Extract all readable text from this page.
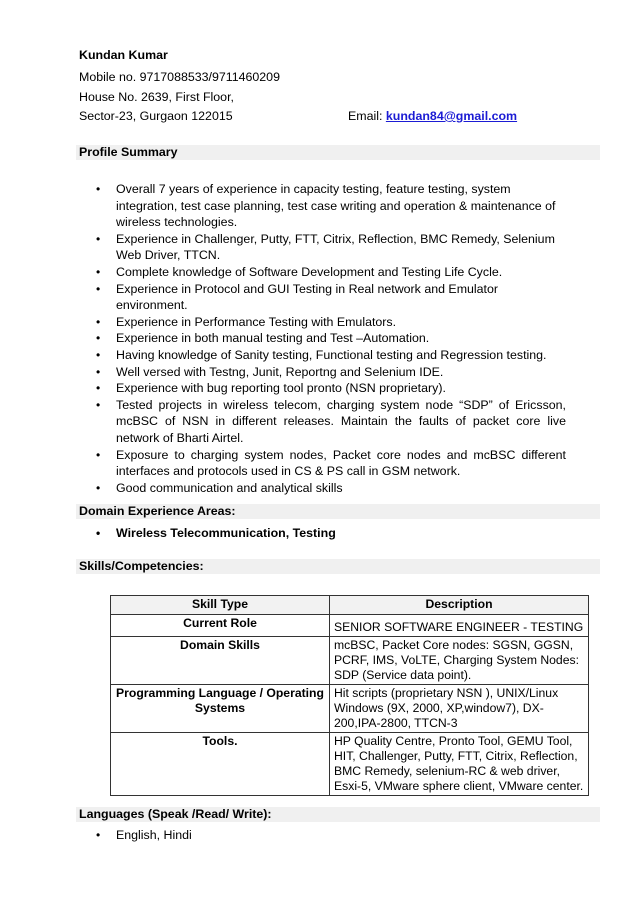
Kundan Kumar
Mobile no. 9717088533/9711460209
House No. 2639, First Floor,
Sector-23, Gurgaon 122015	Email: kundan84@gmail.com
Profile Summary
• Overall 7 years of experience in capacity testing, feature testing, system integration, test case planning, test case writing and operation & maintenance of wireless technologies.
• Experience in Challenger, Putty, FTT, Citrix, Reflection, BMC Remedy, Selenium Web Driver, TTCN.
• Complete knowledge of Software Development and Testing Life Cycle.
• Experience in Protocol and GUI Testing in Real network and Emulator environment.
• Experience in Performance Testing with Emulators.
• Experience in both manual testing and Test –Automation.
• Having knowledge of Sanity testing, Functional testing and Regression testing.
• Well versed with Testng, Junit, Reportng and Selenium IDE.
• Experience with bug reporting tool pronto (NSN proprietary).
• Tested projects in wireless telecom, charging system node “SDP” of Ericsson, mcBSC of NSN in different releases. Maintain the faults of packet core live network of Bharti Airtel.
• Exposure to charging system nodes, Packet core nodes and mcBSC different interfaces and protocols used in CS & PS call in GSM network.
• Good communication and analytical skills
Domain Experience Areas:
• Wireless Telecommunication, Testing
Skills/Competencies:
Skill Type	Description
Current Role	SENIOR SOFTWARE ENGINEER - TESTING
Domain Skills	mcBSC, Packet Core nodes: SGSN, GGSN, PCRF, IMS, VoLTE, Charging System Nodes: SDP (Service data point).
Programming Language / Operating Systems	Hit scripts (proprietary NSN ), UNIX/Linux Windows (9X, 2000, XP,window7), DX-200,IPA-2800, TTCN-3
Tools.	HP Quality Centre, Pronto Tool, GEMU Tool, HIT, Challenger, Putty, FTT, Citrix, Reflection, BMC Remedy, selenium-RC & web driver, Esxi-5, VMware sphere client, VMware center.
Languages (Speak /Read/ Write):
• English, Hindi
